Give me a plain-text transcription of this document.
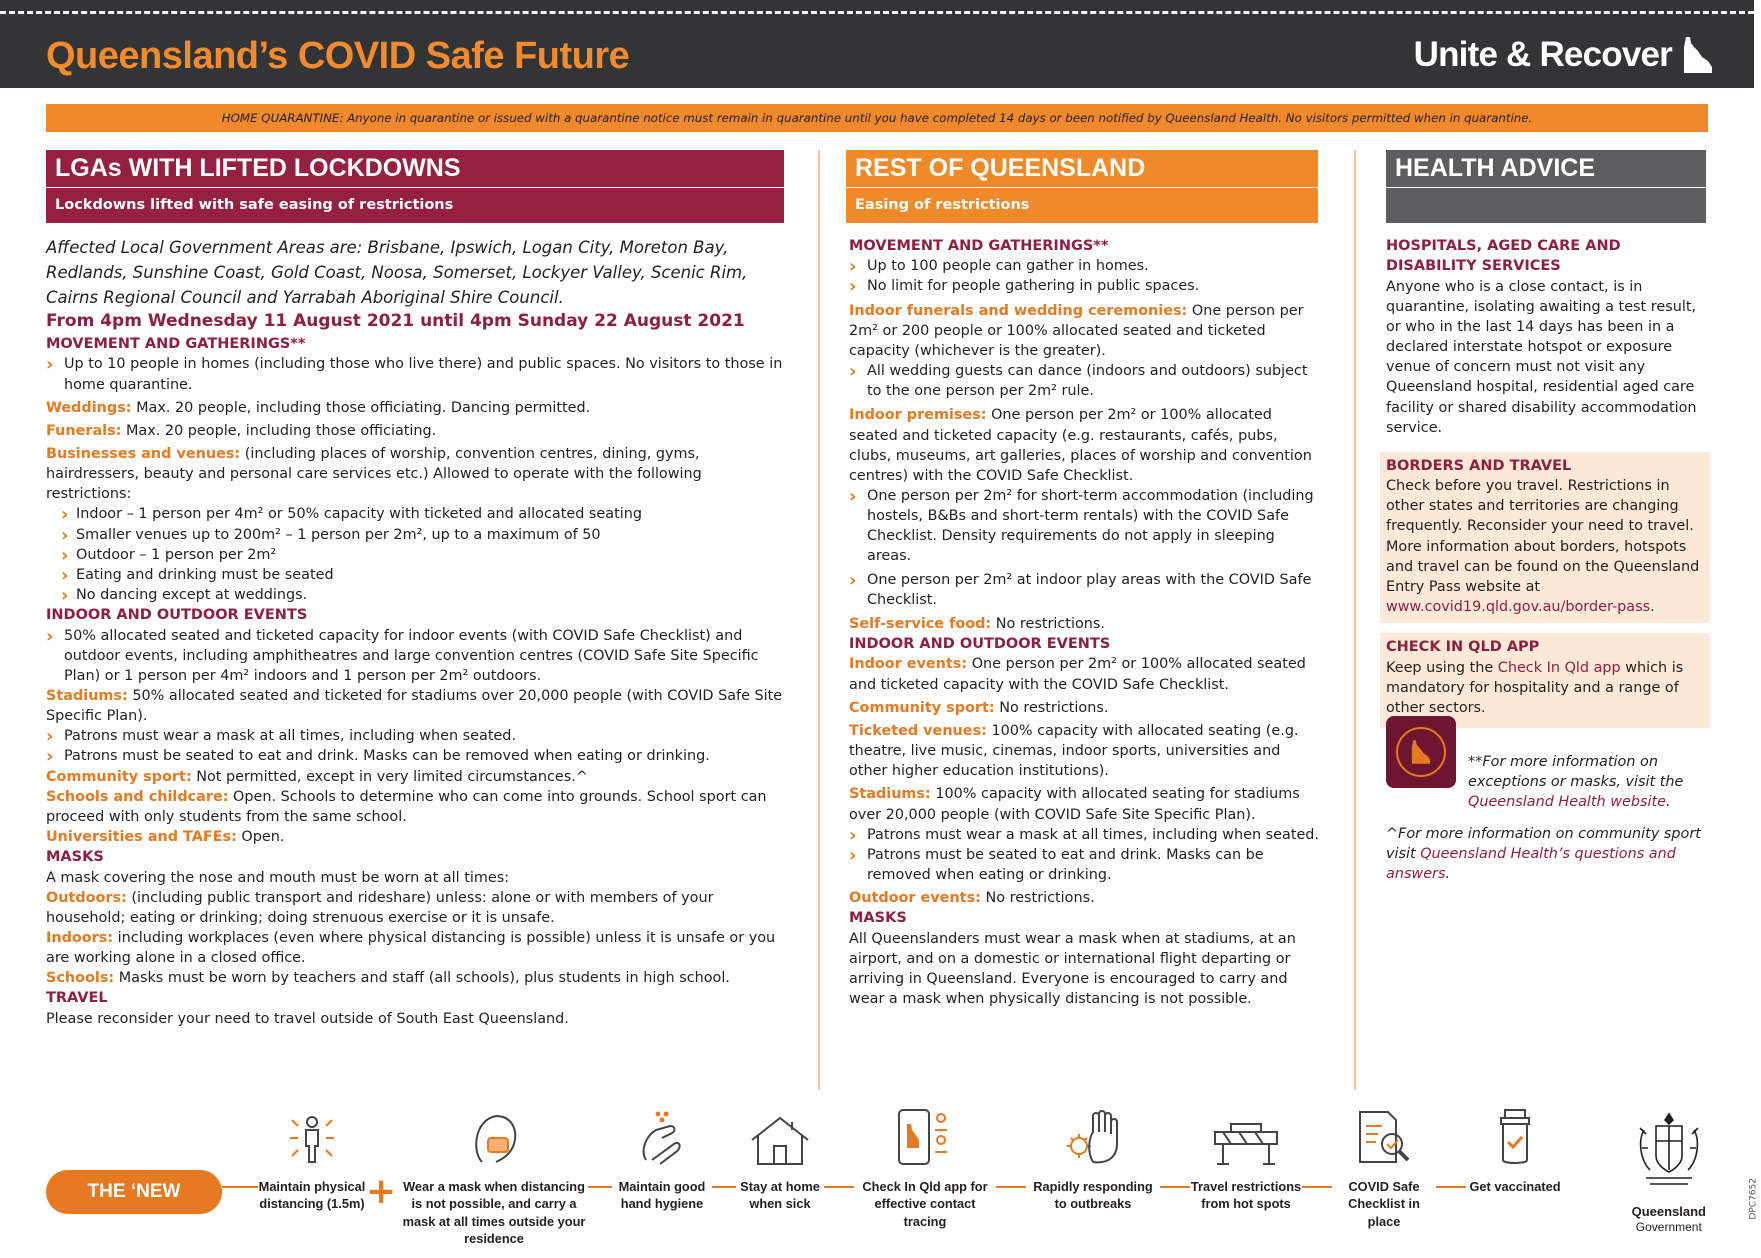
Queensland’s COVID Safe Future	Unite & Recover
HOME QUARANTINE: Anyone in quarantine or issued with a quarantine notice must remain in quarantine until you have completed 14 days or been notified by Queensland Health. No visitors permitted when in quarantine.
LGAs WITH LIFTED LOCKDOWNS
Lockdowns lifted with safe easing of restrictions
REST OF QUEENSLAND
Easing of restrictions
HEALTH ADVICE

Affected Local Government Areas are: Brisbane, Ipswich, Logan City, Moreton Bay, Redlands, Sunshine Coast, Gold Coast, Noosa, Somerset, Lockyer Valley, Scenic Rim, Cairns Regional Council and Yarrabah Aboriginal Shire Council.

From 4pm Wednesday 11 August 2021 until 4pm Sunday 22 August 2021

MOVEMENT AND GATHERINGS**

› Up to 10 people in homes (including those who live there) and public spaces. No visitors to those in home quarantine.

Weddings: Max. 20 people, including those officiating. Dancing permitted.

Funerals: Max. 20 people, including those officiating.

Businesses and venues: (including places of worship, convention centres, dining, gyms, hairdressers, beauty and personal care services etc.) Allowed to operate with the following restrictions:

› Indoor – 1 person per 4m² or 50% capacity with ticketed and allocated seating

› Smaller venues up to 200m² – 1 person per 2m², up to a maximum of 50

› Outdoor – 1 person per 2m²

› Eating and drinking must be seated

› No dancing except at weddings.

INDOOR AND OUTDOOR EVENTS

› 50% allocated seated and ticketed capacity for indoor events (with COVID Safe Checklist) and outdoor events, including amphitheatres and large convention centres (COVID Safe Site Specific Plan) or 1 person per 4m² indoors and 1 person per 2m² outdoors.

Stadiums: 50% allocated seated and ticketed for stadiums over 20,000 people (with COVID Safe Site Specific Plan).

› Patrons must wear a mask at all times, including when seated.

› Patrons must be seated to eat and drink. Masks can be removed when eating or drinking.

Community sport: Not permitted, except in very limited circumstances.^

Schools and childcare: Open. Schools to determine who can come into grounds. School sport can proceed with only students from the same school.

Universities and TAFEs: Open.

MASKS

A mask covering the nose and mouth must be worn at all times:

Outdoors: (including public transport and rideshare) unless: alone or with members of your household; eating or drinking; doing strenuous exercise or it is unsafe.

Indoors: including workplaces (even where physical distancing is possible) unless it is unsafe or you are working alone in a closed office.

Schools: Masks must be worn by teachers and staff (all schools), plus students in high school.

TRAVEL

Please reconsider your need to travel outside of South East Queensland.

MOVEMENT AND GATHERINGS**

› Up to 100 people can gather in homes.

› No limit for people gathering in public spaces.

Indoor funerals and wedding ceremonies: One person per 2m² or 200 people or 100% allocated seated and ticketed capacity (whichever is the greater).

› All wedding guests can dance (indoors and outdoors) subject to the one person per 2m² rule.

Indoor premises: One person per 2m² or 100% allocated seated and ticketed capacity (e.g. restaurants, cafés, pubs, clubs, museums, art galleries, places of worship and convention centres) with the COVID Safe Checklist.

› One person per 2m² for short-term accommodation (including hostels, B&Bs and short-term rentals) with the COVID Safe Checklist. Density requirements do not apply in sleeping areas.

› One person per 2m² at indoor play areas with the COVID Safe Checklist.

Self-service food: No restrictions.

INDOOR AND OUTDOOR EVENTS

Indoor events: One person per 2m² or 100% allocated seated and ticketed capacity with the COVID Safe Checklist.

Community sport: No restrictions.

Ticketed venues: 100% capacity with allocated seating (e.g. theatre, live music, cinemas, indoor sports, universities and other higher education institutions).

Stadiums: 100% capacity with allocated seating for stadiums over 20,000 people (with COVID Safe Site Specific Plan).

› Patrons must wear a mask at all times, including when seated.

› Patrons must be seated to eat and drink. Masks can be removed when eating or drinking.

Outdoor events: No restrictions.

MASKS

All Queenslanders must wear a mask when at stadiums, at an airport, and on a domestic or international flight departing or arriving in Queensland. Everyone is encouraged to carry and wear a mask when physically distancing is not possible.

HOSPITALS, AGED CARE AND DISABILITY SERVICES

Anyone who is a close contact, is in quarantine, isolating awaiting a test result, or who in the last 14 days has been in a declared interstate hotspot or exposure venue of concern must not visit any Queensland hospital, residential aged care facility or shared disability accommodation service.

BORDERS AND TRAVEL

Check before you travel. Restrictions in other states and territories are changing frequently. Reconsider your need to travel. More information about borders, hotspots and travel can be found on the Queensland Entry Pass website at www.covid19.qld.gov.au/border-pass.

CHECK IN QLD APP

Keep using the Check In Qld app which is mandatory for hospitality and a range of other sectors.

**For more information on exceptions or masks, visit the Queensland Health website.

^For more information on community sport visit Queensland Health’s questions and answers.

THE ‘NEW NORMAL’
+
Maintain physical distancing (1.5m)
Wear a mask when distancing is not possible, and carry a mask at all times outside your residence
Maintain good hand hygiene
Stay at home when sick
Check In Qld app for effective contact tracing
Rapidly responding to outbreaks
Travel restrictions from hot spots
COVID Safe Checklist in place
Get vaccinated
Queensland
Government
DPC7652
